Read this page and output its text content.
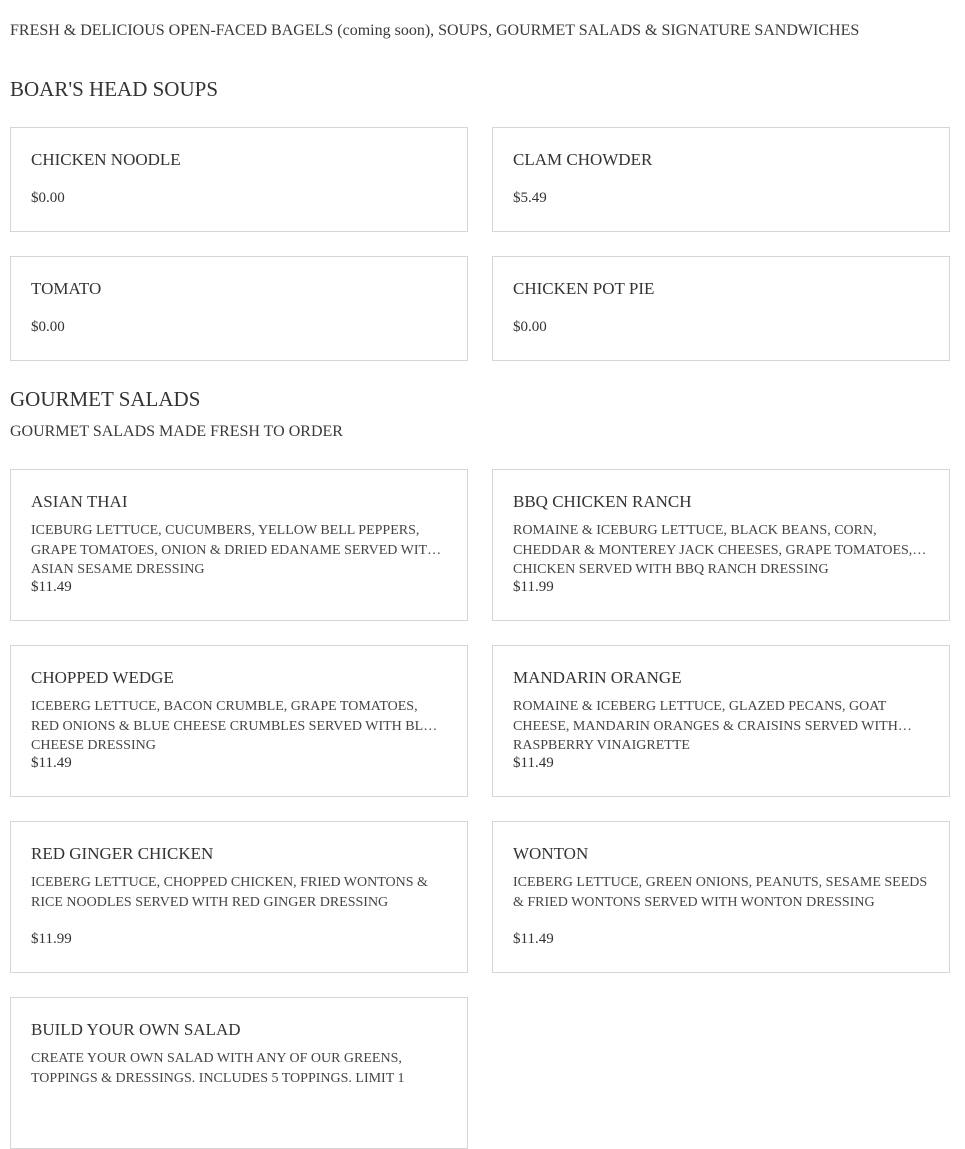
FRESH & DELICIOUS OPEN-FACED BAGELS (coming soon), SOUPS, GOURMET SALADS & SIGNATURE SANDWICHES
BOAR'S HEAD SOUPS
CHICKEN NOODLE
$0.00
CLAM CHOWDER
$5.49
TOMATO
$0.00
CHICKEN POT PIE
$0.00
GOURMET SALADS
GOURMET SALADS MADE FRESH TO ORDER
ASIAN THAI
ICEBURG LETTUCE, CUCUMBERS, YELLOW BELL PEPPERS, GRAPE TOMATOES, ONION & DRIED EDANAME SERVED WITH ASIAN SESAME DRESSING
$11.49
BBQ CHICKEN RANCH
ROMAINE & ICEBURG LETTUCE, BLACK BEANS, CORN, CHEDDAR & MONTEREY JACK CHEESES, GRAPE TOMATOES, CHICKEN SERVED WITH BBQ RANCH DRESSING
$11.99
CHOPPED WEDGE
ICEBERG LETTUCE, BACON CRUMBLE, GRAPE TOMATOES, RED ONIONS & BLUE CHEESE CRUMBLES SERVED WITH BLUE CHEESE DRESSING
$11.49
MANDARIN ORANGE
ROMAINE & ICEBERG LETTUCE, GLAZED PECANS, GOAT CHEESE, MANDARIN ORANGES & CRAISINS SERVED WITH RASPBERRY VINAIGRETTE
$11.49
RED GINGER CHICKEN
ICEBERG LETTUCE, CHOPPED CHICKEN, FRIED WONTONS & RICE NOODLES SERVED WITH RED GINGER DRESSING
$11.99
WONTON
ICEBERG LETTUCE, GREEN ONIONS, PEANUTS, SESAME SEEDS & FRIED WONTONS SERVED WITH WONTON DRESSING
$11.49
BUILD YOUR OWN SALAD
CREATE YOUR OWN SALAD WITH ANY OF OUR GREENS, TOPPINGS & DRESSINGS. INCLUDES 5 TOPPINGS. LIMIT 1
